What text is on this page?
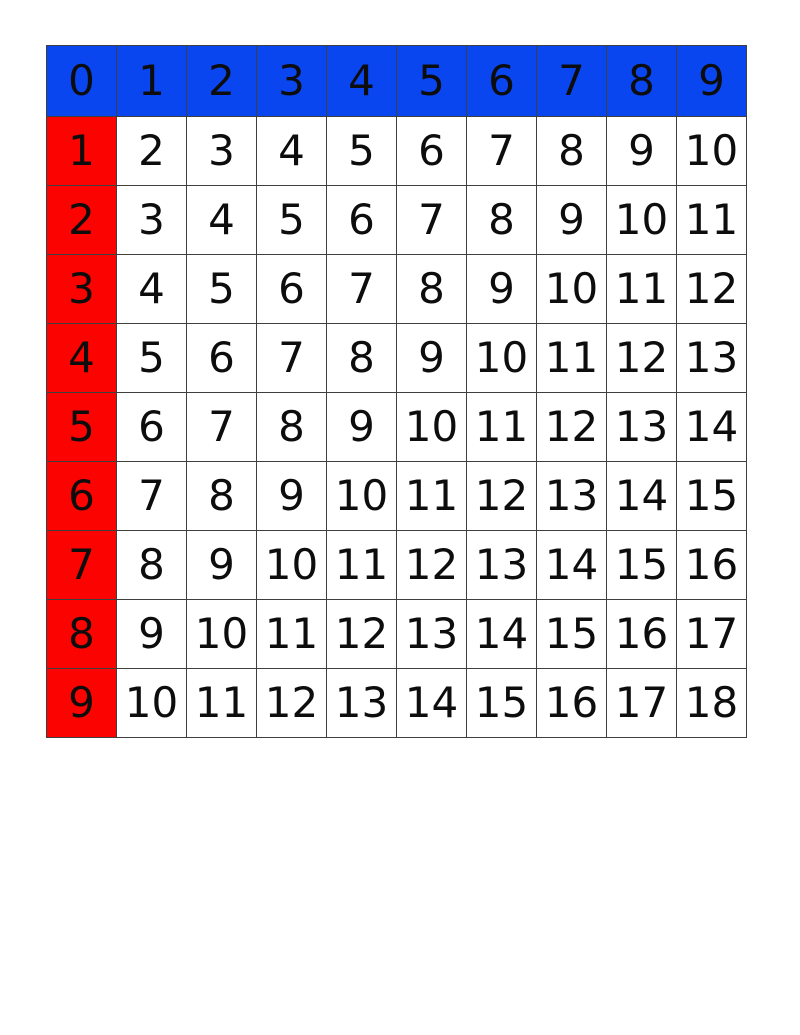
0	1	2	3	4	5	6	7	8	9
1	2	3	4	5	6	7	8	9	10
2	3	4	5	6	7	8	9	10	11
3	4	5	6	7	8	9	10	11	12
4	5	6	7	8	9	10	11	12	13
5	6	7	8	9	10	11	12	13	14
6	7	8	9	10	11	12	13	14	15
7	8	9	10	11	12	13	14	15	16
8	9	10	11	12	13	14	15	16	17
9	10	11	12	13	14	15	16	17	18
